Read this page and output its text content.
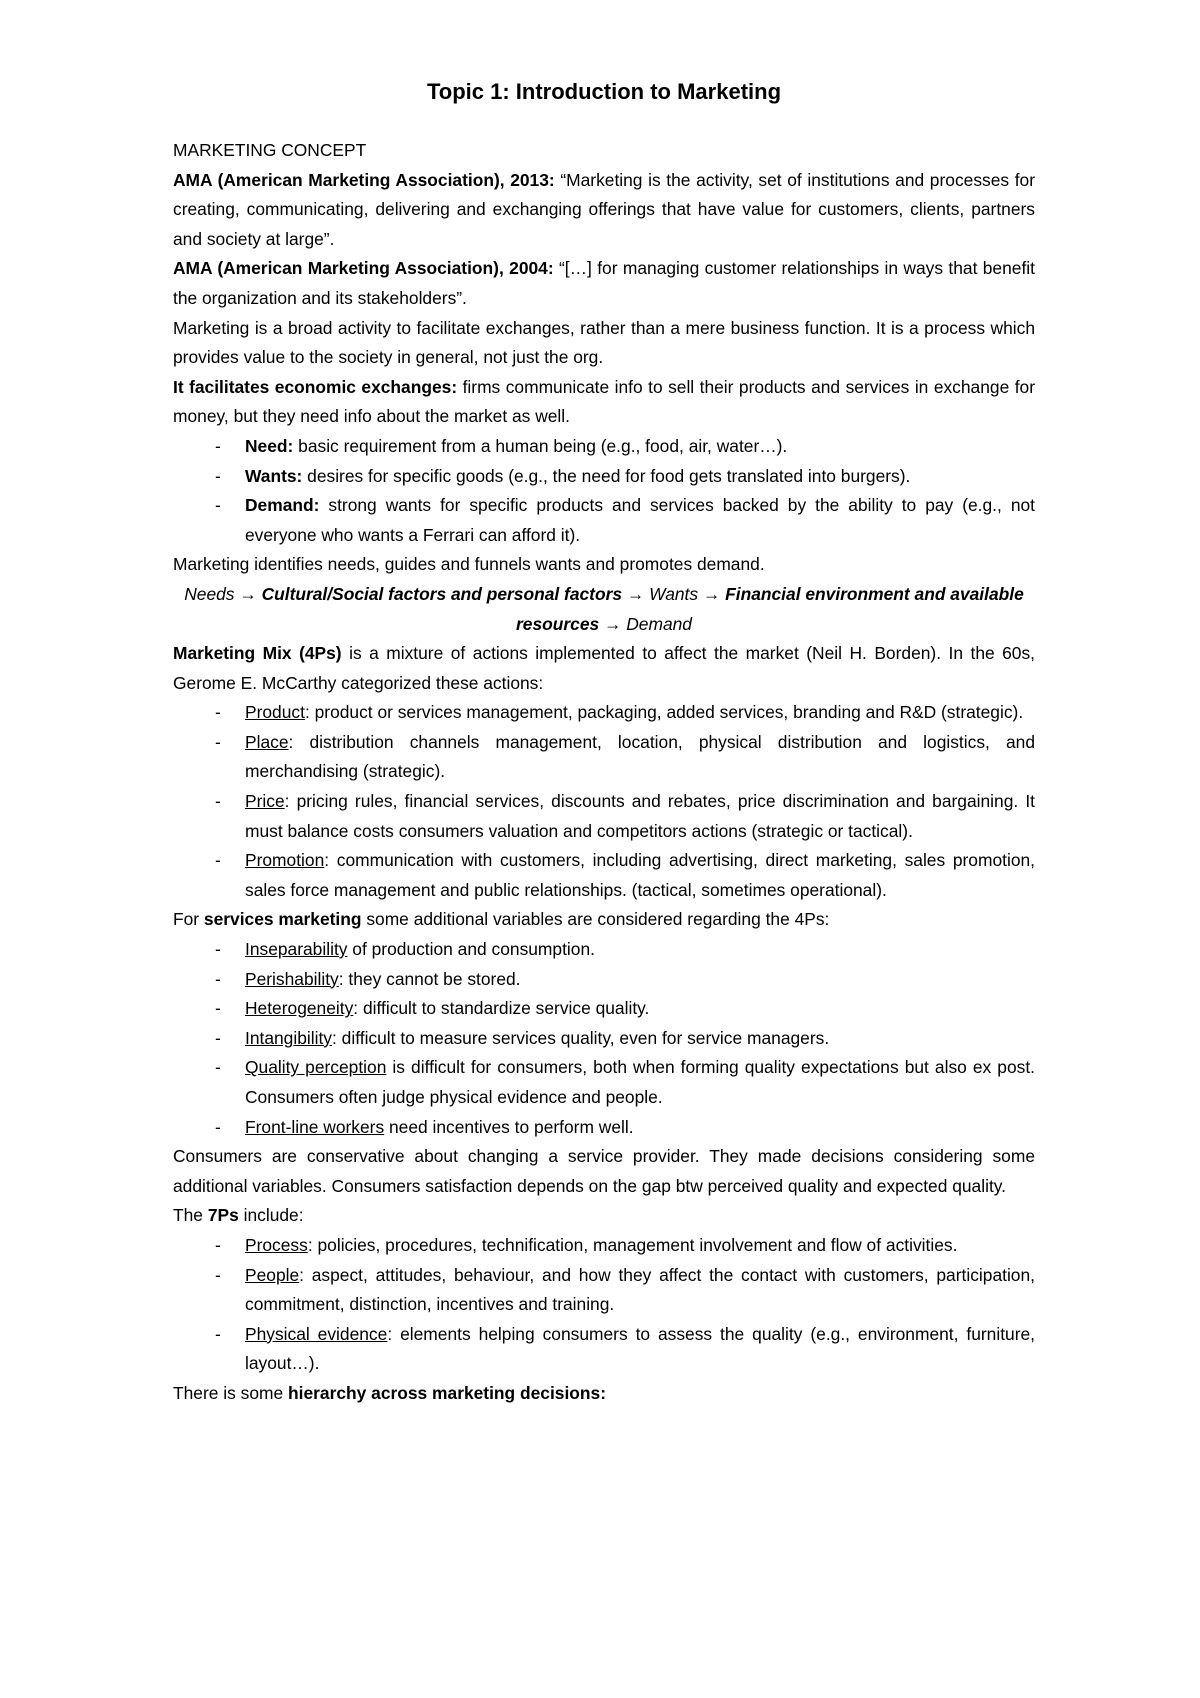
Topic 1: Introduction to Marketing

MARKETING CONCEPT

AMA (American Marketing Association), 2013: “Marketing is the activity, set of institutions and processes for creating, communicating, delivering and exchanging offerings that have value for customers, clients, partners and society at large”.

AMA (American Marketing Association), 2004: “[…] for managing customer relationships in ways that benefit the organization and its stakeholders”.

Marketing is a broad activity to facilitate exchanges, rather than a mere business function. It is a process which provides value to the society in general, not just the org.

It facilitates economic exchanges: firms communicate info to sell their products and services in exchange for money, but they need info about the market as well.

- Need: basic requirement from a human being (e.g., food, air, water…).
- Wants: desires for specific goods (e.g., the need for food gets translated into burgers).
- Demand: strong wants for specific products and services backed by the ability to pay (e.g., not everyone who wants a Ferrari can afford it).

Marketing identifies needs, guides and funnels wants and promotes demand.

Needs → Cultural/Social factors and personal factors → Wants → Financial environment and available resources → Demand

Marketing Mix (4Ps) is a mixture of actions implemented to affect the market (Neil H. Borden). In the 60s, Gerome E. McCarthy categorized these actions:

- Product: product or services management, packaging, added services, branding and R&D (strategic).
- Place: distribution channels management, location, physical distribution and logistics, and merchandising (strategic).
- Price: pricing rules, financial services, discounts and rebates, price discrimination and bargaining. It must balance costs consumers valuation and competitors actions (strategic or tactical).
- Promotion: communication with customers, including advertising, direct marketing, sales promotion, sales force management and public relationships. (tactical, sometimes operational).

For services marketing some additional variables are considered regarding the 4Ps:

- Inseparability of production and consumption.
- Perishability: they cannot be stored.
- Heterogeneity: difficult to standardize service quality.
- Intangibility: difficult to measure services quality, even for service managers.
- Quality perception is difficult for consumers, both when forming quality expectations but also ex post. Consumers often judge physical evidence and people.
- Front-line workers need incentives to perform well.

Consumers are conservative about changing a service provider. They made decisions considering some additional variables. Consumers satisfaction depends on the gap btw perceived quality and expected quality.

The 7Ps include:

- Process: policies, procedures, technification, management involvement and flow of activities.
- People: aspect, attitudes, behaviour, and how they affect the contact with customers, participation, commitment, distinction, incentives and training.
- Physical evidence: elements helping consumers to assess the quality (e.g., environment, furniture, layout…).

There is some hierarchy across marketing decisions:
